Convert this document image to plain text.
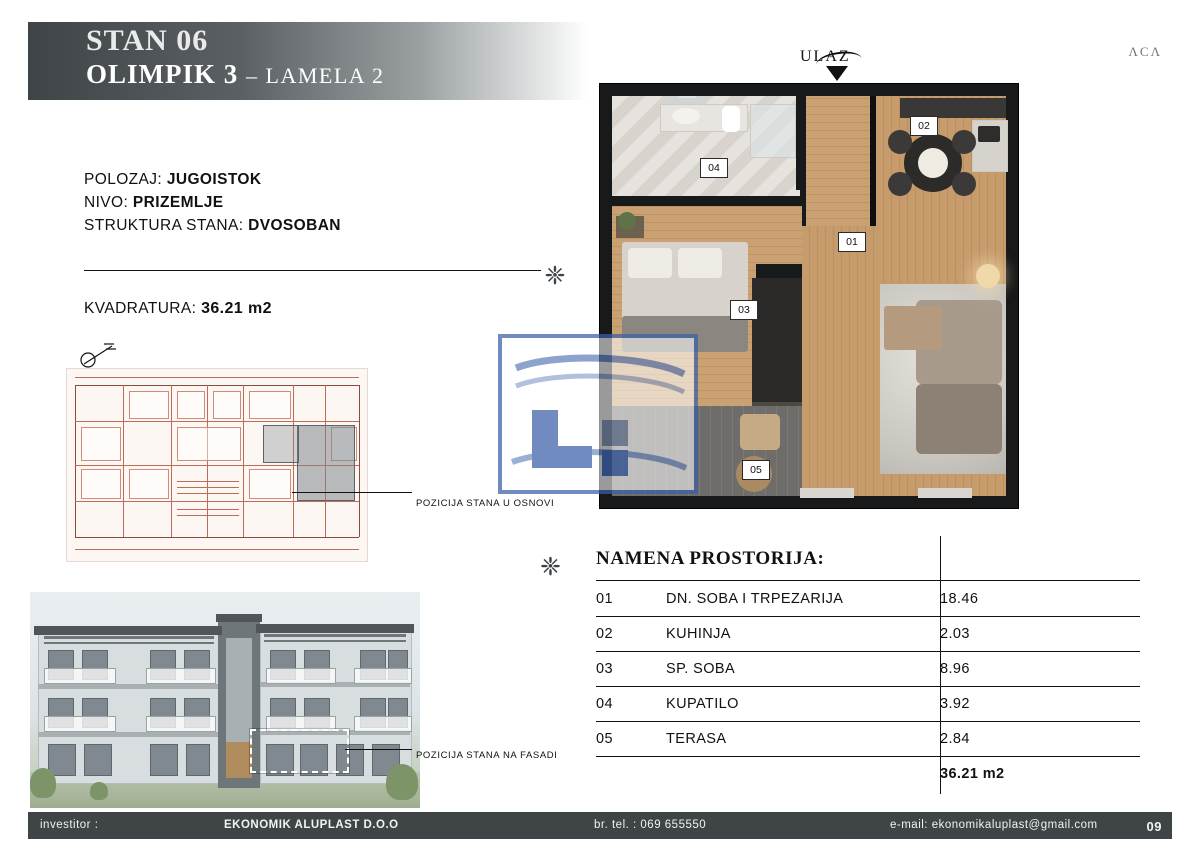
STAN 06
OLIMPIK 3 – LAMELA 2
ΛCΛ
POLOZAJ: JUGOISTOK
NIVO: PRIZEMLJE
STRUKTURA STANA: DVOSOBAN
❈
KVADRATURA: 36.21 m2
POZICIJA STANA U OSNOVI
POZICIJA STANA NA FASADI
ULAZ
01
02
03
04
05
❈ NAMENA PROSTORIJA:
01	DN. SOBA I TRPEZARIJA	18.46
02	KUHINJA	2.03
03	SP. SOBA	8.96
04	KUPATILO	3.92
05	TERASA	2.84
		36.21 m2
investitor :	EKONOMIK ALUPLAST D.O.O	br. tel. : 069 655550	e-mail: ekonomikaluplast@gmail.com	09
